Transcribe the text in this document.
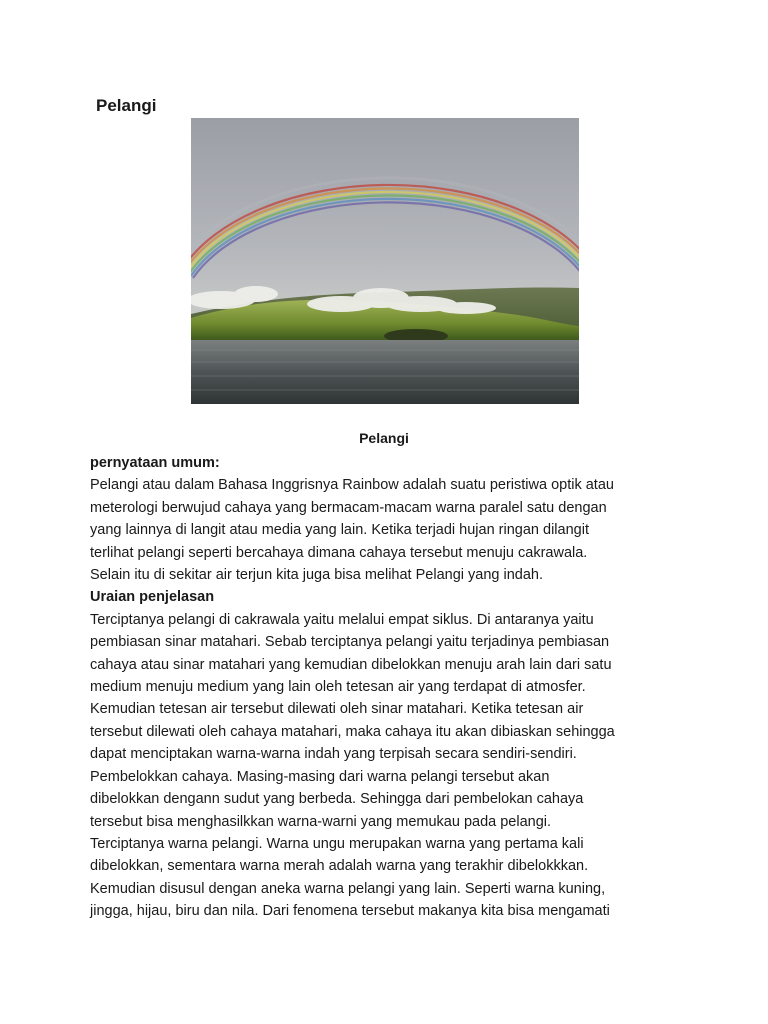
Pelangi
Pelangi
pernyataan umum:
Pelangi atau dalam Bahasa Inggrisnya Rainbow adalah suatu peristiwa optik atau
meterologi berwujud cahaya yang bermacam-macam warna paralel satu dengan
yang lainnya di langit atau media yang lain. Ketika terjadi hujan ringan dilangit
terlihat pelangi seperti bercahaya dimana cahaya tersebut menuju cakrawala.
Selain itu di sekitar air terjun kita juga bisa melihat Pelangi yang indah.
Uraian penjelasan
Terciptanya pelangi di cakrawala yaitu melalui empat siklus. Di antaranya yaitu
pembiasan sinar matahari. Sebab terciptanya pelangi yaitu terjadinya pembiasan
cahaya atau sinar matahari yang kemudian dibelokkan menuju arah lain dari satu
medium menuju medium yang lain oleh tetesan air yang terdapat di atmosfer.
Kemudian tetesan air tersebut dilewati oleh sinar matahari. Ketika tetesan air
tersebut dilewati oleh cahaya matahari, maka cahaya itu akan dibiaskan sehingga
dapat menciptakan warna-warna indah yang terpisah secara sendiri-sendiri.
Pembelokkan cahaya. Masing-masing dari warna pelangi tersebut akan
dibelokkan dengann sudut yang berbeda. Sehingga dari pembelokan cahaya
tersebut bisa menghasilkkan warna-warni yang memukau pada pelangi.
Terciptanya warna pelangi. Warna ungu merupakan warna yang pertama kali
dibelokkan, sementara warna merah adalah warna yang terakhir dibelokkkan.
Kemudian disusul dengan aneka warna pelangi yang lain. Seperti warna kuning,
jingga, hijau, biru dan nila. Dari fenomena tersebut makanya kita bisa mengamati
